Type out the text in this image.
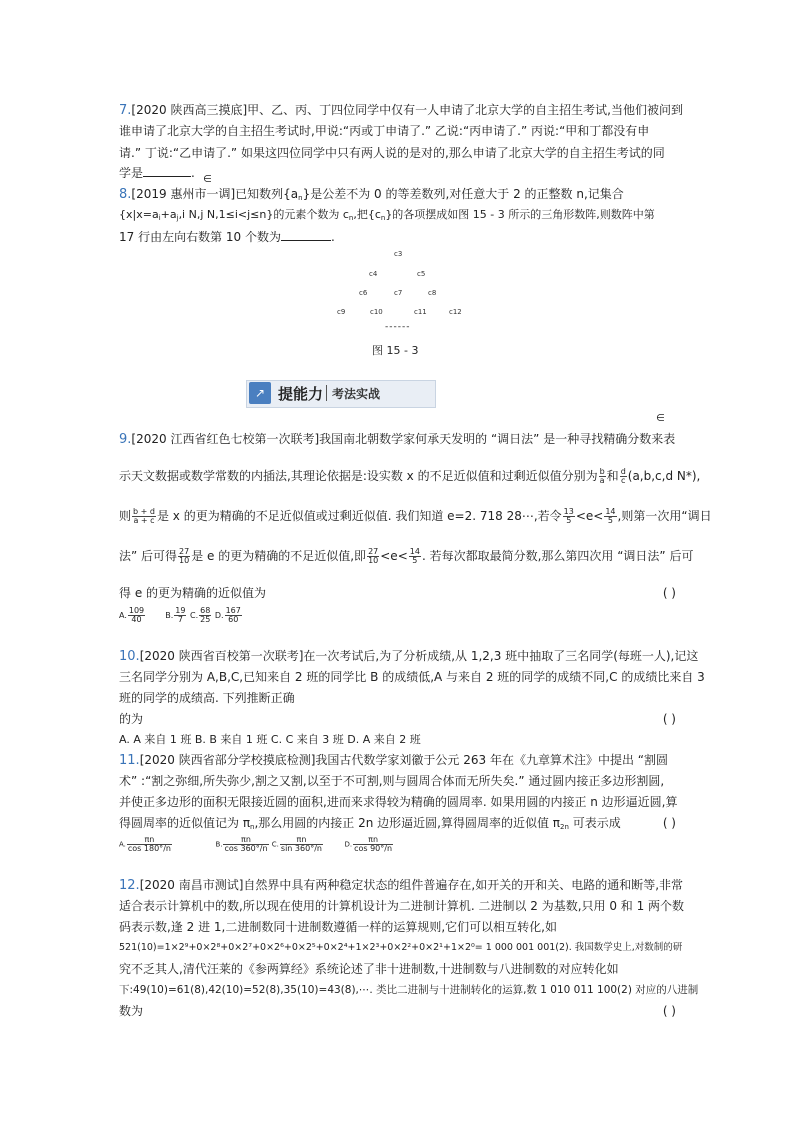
7.[2020 陕西高三摸底]甲、乙、丙、丁四位同学中仅有一人申请了北京大学的自主招生考试,当他们被问到
谁申请了北京大学的自主招生考试时,甲说:“丙或丁申请了.” 乙说:“丙申请了.” 丙说:“甲和丁都没有申
请.” 丁说:“乙申请了.” 如果这四位同学中只有两人说的是对的,那么申请了北京大学的自主招生考试的同
学是	. ∈
8.[2019 惠州市一调]已知数列$\{a_n\}$是公差不为 0 的等差数列,对任意大于 2 的正整数 n,记集合
{$x|x=a_i+a_j,i$ N,j N,1≤i<j≤n}的元素个数为 $c_n$,把$\{c_n\}$的各项摆成如图 15 - 3 所示的三角形数阵,则数阵中第
17 行由左向右数第 10 个数为	.
c3
c4	c5
c6	c7	c8
c9	c10	c11	c12
------
图 15 - 3
↗ 提能力 考法实战
∈
9.[2020 江西省红色七校第一次联考]我国南北朝数学家何承天发明的 “调日法” 是一种寻找精确分数来表
示天文数据或数学常数的内插法,其理论依据是:设实数 x 的不足近似值和过剩近似值分别为 $\frac{b}{a}$ 和 $\frac{d}{c} (a,b,c,d$ N*),
则 $\frac{b + d}{a + c}$ 是 x 的更为精确的不足近似值或过剩近似值. 我们知道 e=2. 718 28⋯,若令 $\frac{13}{5} <e< \frac{14}{5}$ ,则第一次用“调日
法” 后可得 $\frac{27}{10}$ 是 e 的更为精确的不足近似值,即 $\frac{27}{10} <e< \frac{14}{5}$ . 若每次都取最简分数,那么第四次用 “调日法” 后可
得 e 的更为精确的近似值为	( )
A. $\frac{109}{40}$	B. $\frac{19}{7} C$. $\frac{68}{25} D$. $\frac{167}{60}$
10.[2020 陕西省百校第一次联考]在一次考试后,为了分析成绩,从 1,2,3 班中抽取了三名同学(每班一人),记这
三名同学分别为 A,B,C,已知来自 2 班的同学比 B 的成绩低,A 与来自 2 班的同学的成绩不同,C 的成绩比来自 3
班的同学的成绩高. 下列推断正确
的为	( )
A. A 来自 1 班 B. B 来自 1 班 C. C 来自 3 班 D. A 来自 2 班
11.[2020 陕西省部分学校摸底检测]我国古代数学家刘徽于公元 263 年在《九章算术注》中提出 “割圆
术” :“割之弥细,所失弥少,割之又割,以至于不可割,则与圆周合体而无所失矣.” 通过圆内接正多边形割圆,
并使正多边形的面积无限接近圆的面积,进而来求得较为精确的圆周率. 如果用圆的内接正 n 边形逼近圆,算
得圆周率的近似值记为 $\pi_n$,那么用圆的内接正 2n 边形逼近圆,算得圆周率的近似值 $\pi_{2n}$ 可表示成	( )
A. $\frac{\pi n}{\cos 180^\circ/n}$	B. $\frac{\pi n}{\cos 360^\circ/n} C$. $\frac{\pi n}{\sin 360^\circ/n}$	D. $\frac{\pi n}{\cos 90^\circ/n}$
12.[2020 南昌市测试]自然界中具有两种稳定状态的组件普遍存在,如开关的开和关、电路的通和断等,非常
适合表示计算机中的数,所以现在使用的计算机设计为二进制计算机. 二进制以 2 为基数,只用 0 和 1 两个数
码表示数,逢 2 进 1,二进制数同十进制数遵循一样的运算规则,它们可以相互转化,如
521(10)=1×2⁹+0×2⁸+0×2⁷+0×2⁶+0×2⁵+0×2⁴+1×2³+0×2²+0×2¹+1×2⁰= 1 000 001 001(2). 我国数学史上,对数制的研
究不乏其人,清代汪莱的《参两算经》系统论述了非十进制数,十进制数与八进制数的对应转化如
下:49(10)=61(8),42(10)=52(8),35(10)=43(8),⋯. 类比二进制与十进制转化的运算,数 1 010 011 100(2) 对应的八进制
数为	( )
